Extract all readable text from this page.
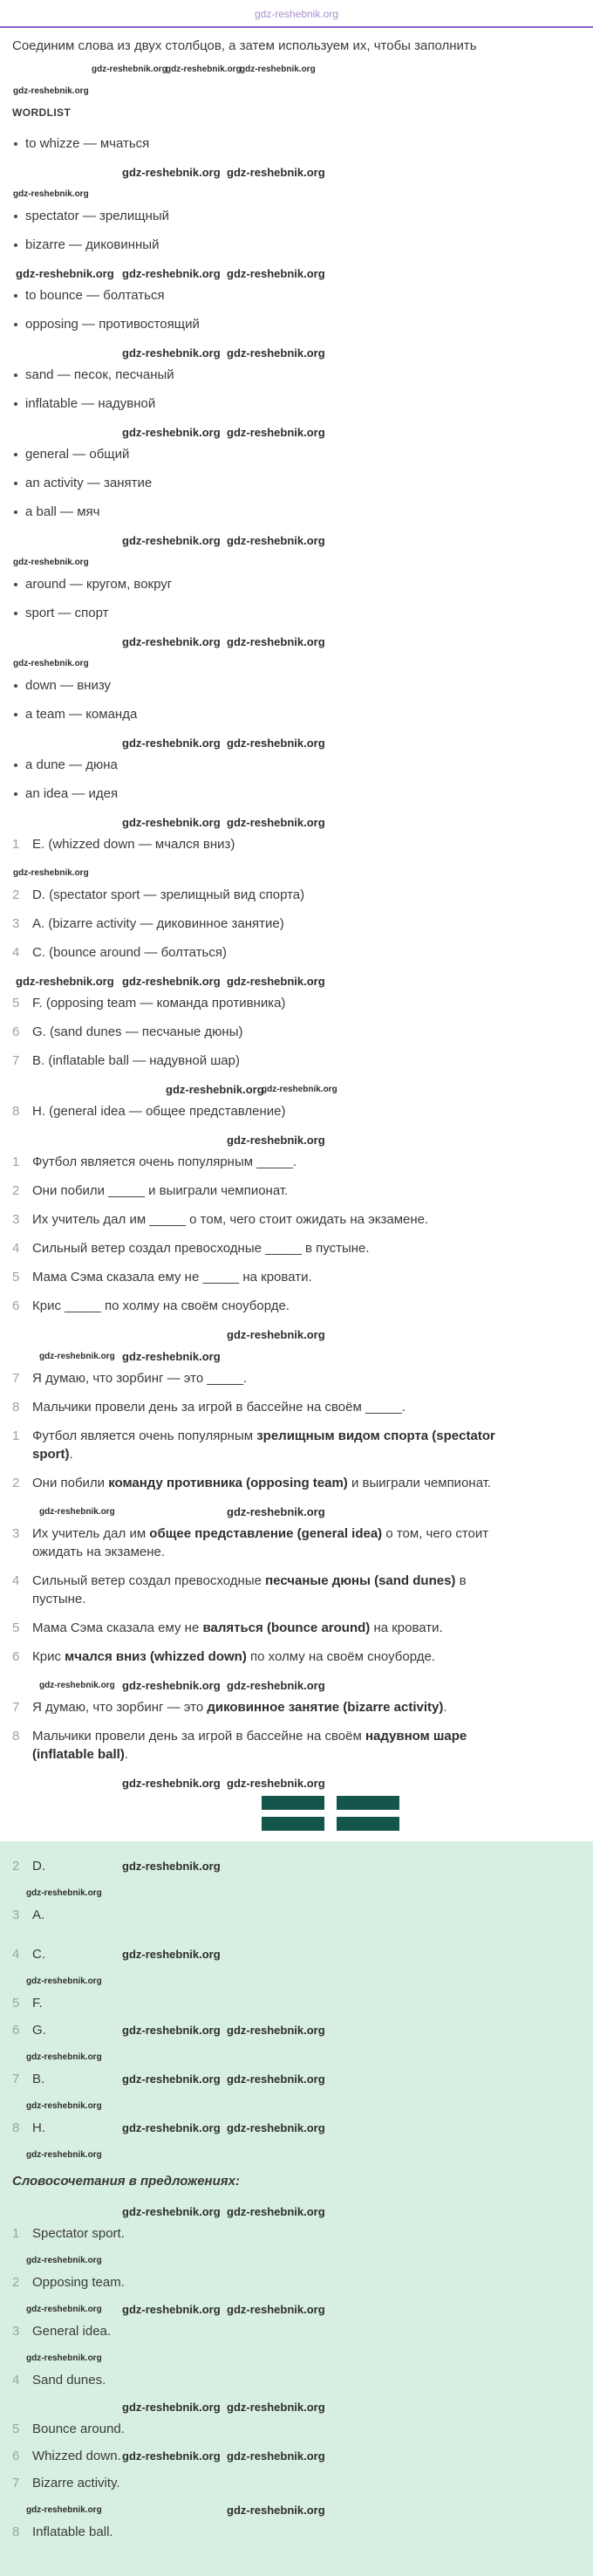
gdz-reshebnik.org
Соединим слова из двух столбцов, а затем используем их, чтобы заполнить
gdz-reshebnik.org
gdz-reshebnik.org
gdz-reshebnik.org
gdz-reshebnik.org
WORDLIST
to whizze — мчаться
gdz-reshebnik.org gdz-reshebnik.org
gdz-reshebnik.org
spectator — зрелищный
bizarre — диковинный
gdz-reshebnik.org gdz-reshebnik.org gdz-reshebnik.org
to bounce — болтаться
opposing — противостоящий
gdz-reshebnik.org gdz-reshebnik.org
sand — песок, песчаный
inflatable — надувной
gdz-reshebnik.org gdz-reshebnik.org
general — общий
an activity — занятие
a ball — мяч
gdz-reshebnik.org gdz-reshebnik.org
gdz-reshebnik.org
around — кругом, вокруг
sport — спорт
gdz-reshebnik.org gdz-reshebnik.org
gdz-reshebnik.org
down — внизу
a team — команда
gdz-reshebnik.org gdz-reshebnik.org
a dune — дюна
an idea — идея
gdz-reshebnik.org gdz-reshebnik.org
1 E. (whizzed down — мчался вниз)
gdz-reshebnik.org
2 D. (spectator sport — зрелищный вид спорта)
3 A. (bizarre activity — диковинное занятие)
4 C. (bounce around — болтаться)
gdz-reshebnik.org gdz-reshebnik.org gdz-reshebnik.org
5 F. (opposing team — команда противника)
6 G. (sand dunes — песчаные дюны)
7 B. (inflatable ball — надувной шар)
gdz-reshebnik.org
gdz-reshebnik.org
8 H. (general idea — общее представление)
gdz-reshebnik.org
1 Футбол является очень популярным _____.
2 Они побили _____ и выиграли чемпионат.
3 Их учитель дал им _____ о том, чего стоит ожидать на экзамене.
4 Сильный ветер создал превосходные _____ в пустыне.
5 Мама Сэма сказала ему не _____ на кровати.
6 Крис _____ по холму на своём сноуборде.
gdz-reshebnik.org
gdz-reshebnik.org gdz-reshebnik.org
7 Я думаю, что зорбинг — это _____.
8 Мальчики провели день за игрой в бассейне на своём _____.
1 Футбол является очень популярным зрелищным видом спорта (spectator sport).
2 Они побили команду противника (opposing team) и выиграли чемпионат.
gdz-reshebnik.org	gdz-reshebnik.org
3 Их учитель дал им общее представление (general idea) о том, чего стоит ожидать на экзамене.
4 Сильный ветер создал превосходные песчаные дюны (sand dunes) в пустыне.
5 Мама Сэма сказала ему не валяться (bounce around) на кровати.
6 Крис мчался вниз (whizzed down) по холму на своём сноуборде.
gdz-reshebnik.org gdz-reshebnik.org gdz-reshebnik.org
7 Я думаю, что зорбинг — это диковинное занятие (bizarre activity).
8 Мальчики провели день за игрой в бассейне на своём надувном шаре (inflatable ball).
gdz-reshebnik.org gdz-reshebnik.org
2 D.	gdz-reshebnik.org
gdz-reshebnik.org
3 A.
4 C.	gdz-reshebnik.org
gdz-reshebnik.org
5 F.
6 G.	gdz-reshebnik.org gdz-reshebnik.org
gdz-reshebnik.org
7 B.	gdz-reshebnik.org gdz-reshebnik.org
gdz-reshebnik.org
8 H.	gdz-reshebnik.org gdz-reshebnik.org
gdz-reshebnik.org
Словосочетания в предложениях:
gdz-reshebnik.org gdz-reshebnik.org
1 Spectator sport.
gdz-reshebnik.org
2 Opposing team.
gdz-reshebnik.org gdz-reshebnik.org gdz-reshebnik.org
3 General idea.
gdz-reshebnik.org
4 Sand dunes.
gdz-reshebnik.org gdz-reshebnik.org
5 Bounce around.
6 Whizzed down. gdz-reshebnik.org gdz-reshebnik.org
7 Bizarre activity.
gdz-reshebnik.org	gdz-reshebnik.org
8 Inflatable ball.
